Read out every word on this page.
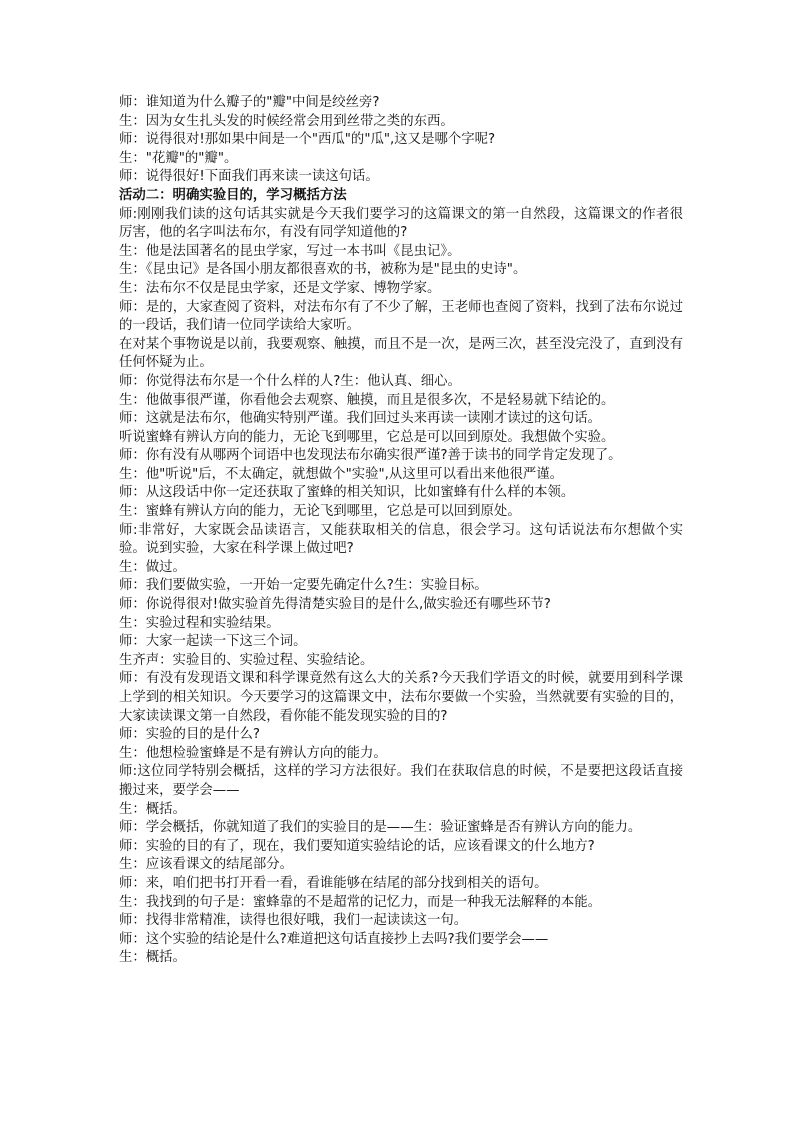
师：谁知道为什么瓣子的"瓣"中间是绞丝旁?

生：因为女生扎头发的时候经常会用到丝带之类的东西。

师：说得很对!那如果中间是一个"西瓜"的"瓜",这又是哪个字呢?

生："花瓣"的"瓣"。

师：说得很好!下面我们再来读一读这句话。

活动二：明确实验目的，学习概括方法

师:刚刚我们读的这句话其实就是今天我们要学习的这篇课文的第一自然段，这篇课文的作者很厉害，他的名字叫法布尔，有没有同学知道他的?

生：他是法国著名的昆虫学家，写过一本书叫《昆虫记》。

生：《昆虫记》是各国小朋友都很喜欢的书，被称为是"昆虫的史诗"。

生：法布尔不仅是昆虫学家，还是文学家、博物学家。

师：是的，大家查阅了资料，对法布尔有了不少了解，王老师也查阅了资料，找到了法布尔说过的一段话，我们请一位同学读给大家听。

在对某个事物说是以前，我要观察、触摸，而且不是一次，是两三次，甚至没完没了，直到没有任何怀疑为止。

师：你觉得法布尔是一个什么样的人?生：他认真、细心。

生：他做事很严谨，你看他会去观察、触摸，而且是很多次，不是轻易就下结论的。

师：这就是法布尔，他确实特别严谨。我们回过头来再读一读刚才读过的这句话。

听说蜜蜂有辨认方向的能力，无论飞到哪里，它总是可以回到原处。我想做个实验。

师：你有没有从哪两个词语中也发现法布尔确实很严谨?善于读书的同学肯定发现了。

生：他"听说"后，不太确定，就想做个"实验",从这里可以看出来他很严谨。

师：从这段话中你一定还获取了蜜蜂的相关知识，比如蜜蜂有什么样的本领。

生：蜜蜂有辨认方向的能力，无论飞到哪里，它总是可以回到原处。

师:非常好，大家既会品读语言，又能获取相关的信息，很会学习。这句话说法布尔想做个实验。说到实验，大家在科学课上做过吧?

生：做过。

师：我们要做实验，一开始一定要先确定什么?生：实验目标。

师：你说得很对!做实验首先得清楚实验目的是什么,做实验还有哪些环节?

生：实验过程和实验结果。

师：大家一起读一下这三个词。

生齐声：实验目的、实验过程、实验结论。

师：有没有发现语文课和科学课竟然有这么大的关系?今天我们学语文的时候，就要用到科学课上学到的相关知识。今天要学习的这篇课文中，法布尔要做一个实验，当然就要有实验的目的，大家读读课文第一自然段，看你能不能发现实验的目的?

师：实验的目的是什么?

生：他想检验蜜蜂是不是有辨认方向的能力。

师:这位同学特别会概括，这样的学习方法很好。我们在获取信息的时候，不是要把这段话直接搬过来，要学会——

生：概括。

师：学会概括，你就知道了我们的实验目的是——生：验证蜜蜂是否有辨认方向的能力。

师：实验的目的有了，现在，我们要知道实验结论的话，应该看课文的什么地方?

生：应该看课文的结尾部分。

师：来，咱们把书打开看一看，看谁能够在结尾的部分找到相关的语句。

生：我找到的句子是：蜜蜂靠的不是超常的记忆力，而是一种我无法解释的本能。

师：找得非常精准，读得也很好哦，我们一起读读这一句。

师：这个实验的结论是什么?难道把这句话直接抄上去吗?我们要学会——

生：概括。
